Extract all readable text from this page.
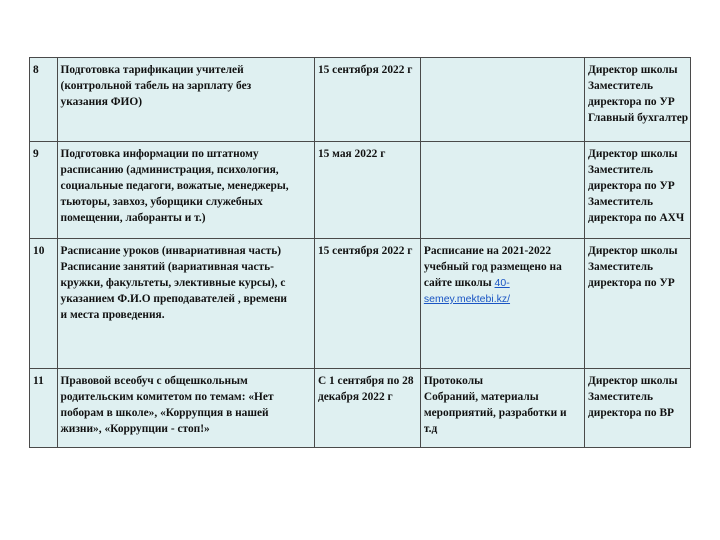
8	Подготовка тарификации учителей
(контрольной табель на зарплату без
указания ФИО)	15 сентября 2022 г		Директор школы
Заместитель
директора по УР
Главный бухгалтер

9	Подготовка информации по штатному
расписанию (администрация, психология,
социальные педагоги, вожатые, менеджеры,
тьюторы, завхоз, уборщики служебных
помещении, лаборанты и т.)	15 мая 2022 г		Директор школы
Заместитель
директора по УР
Заместитель
директора по АХЧ

10	Расписание уроков (инвариативная часть)
Расписание занятий (вариативная часть-
кружки, факультеты, элективные курсы), с
указанием Ф.И.О преподавателей , времени
и места проведения.	15 сентября 2022 г	Расписание на 2021-2022
учебный год размещено на
сайте школы 40-
semey.mektebi.kz/	Директор школы
Заместитель
директора по УР

11	Правовой всеобуч с общешкольным
родительским комитетом по темам: «Нет
поборам в школе», «Коррупция в нашей
жизни», «Коррупции - стоп!»	С 1 сентября по 28
декабря 2022 г	Протоколы
Собраний, материалы
мероприятий, разработки и
т.д	Директор школы
Заместитель
директора по ВР
